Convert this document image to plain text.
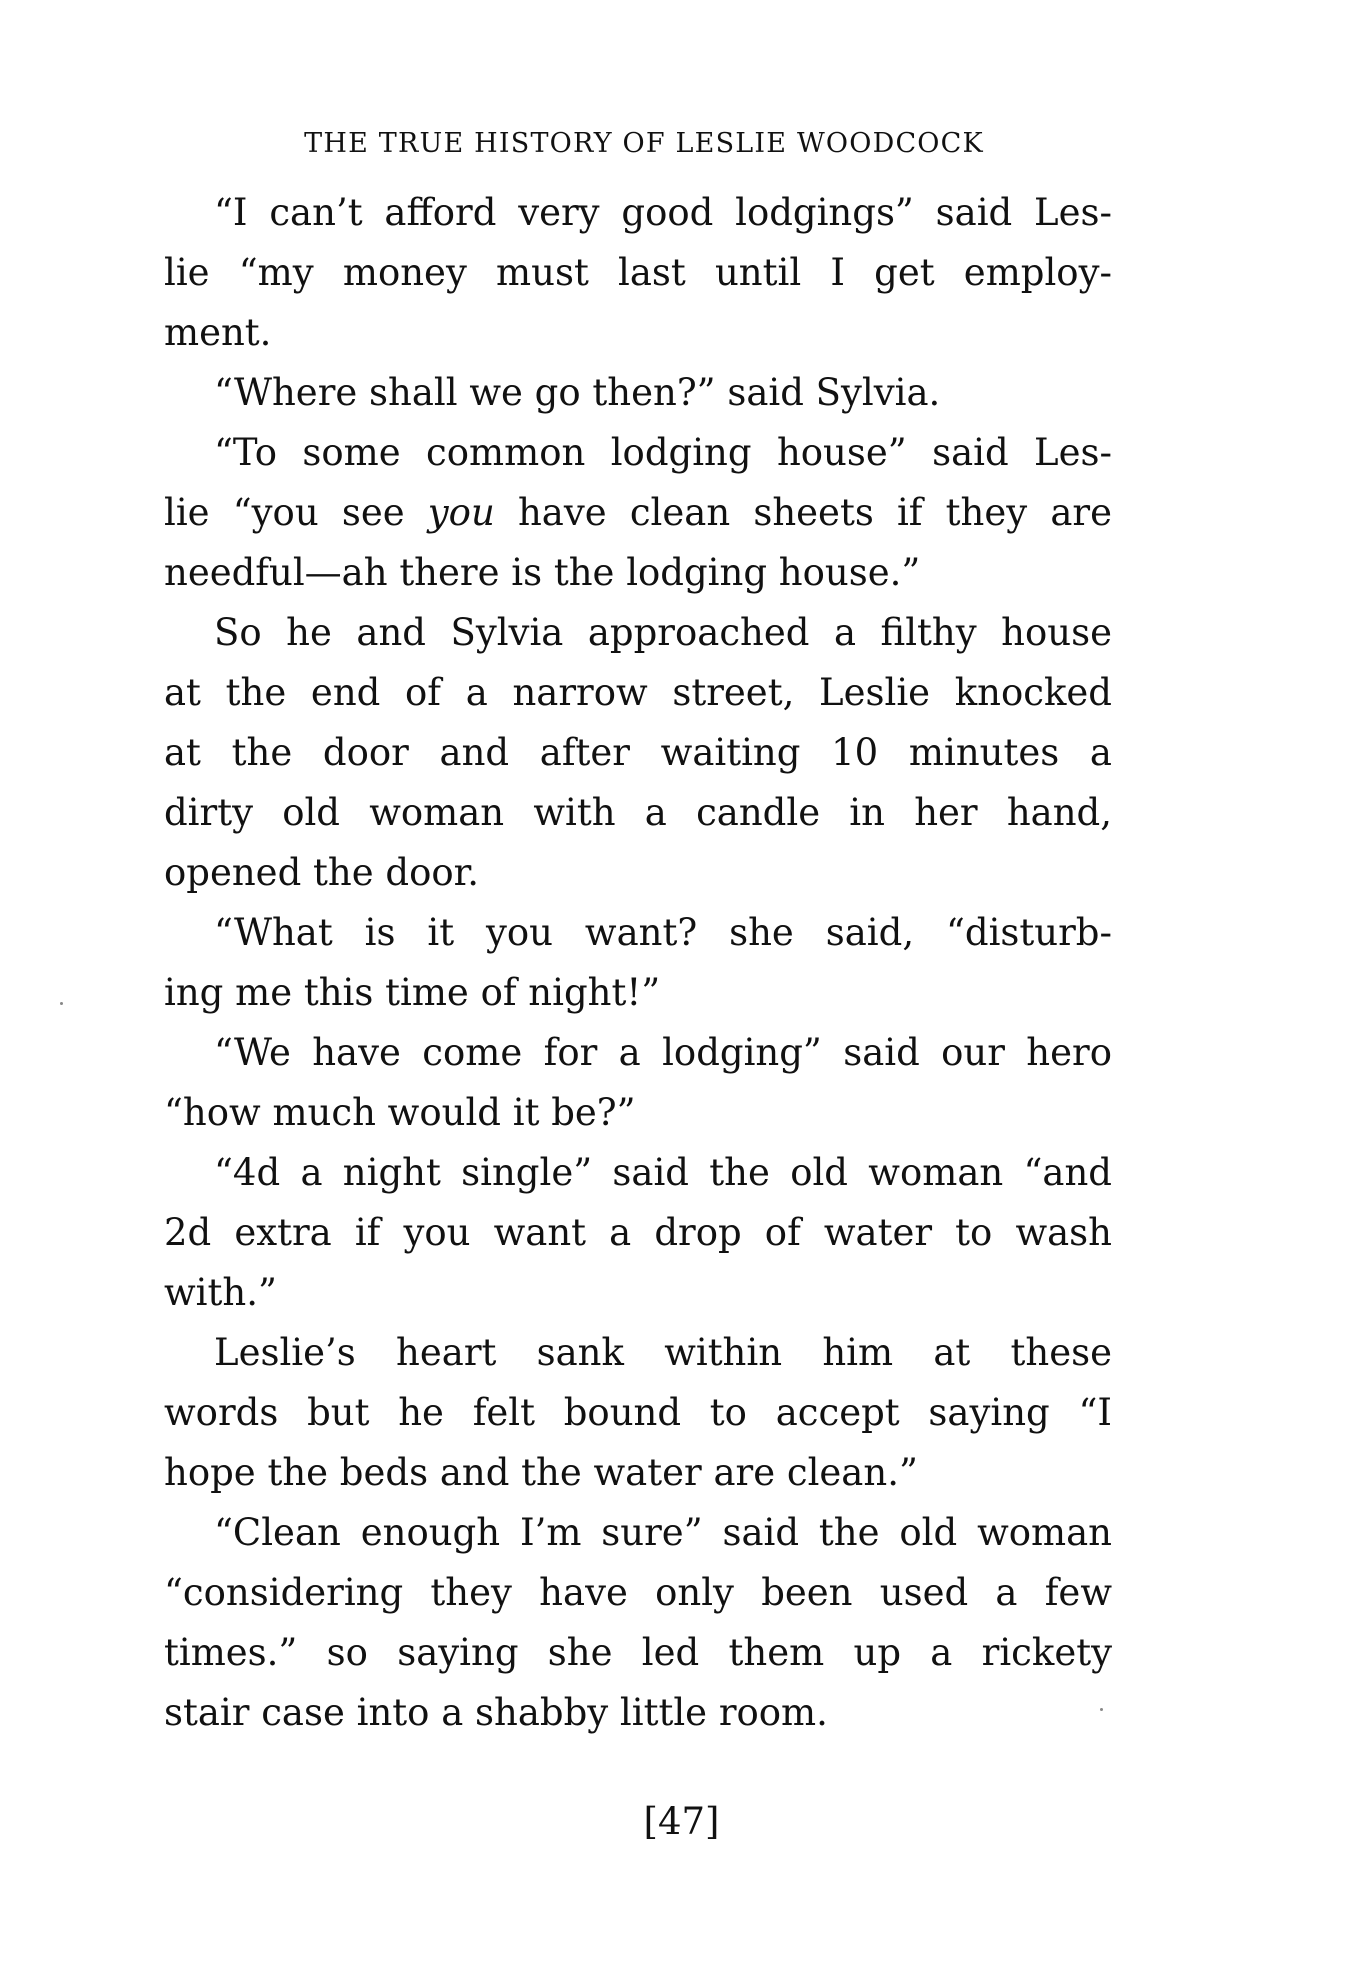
THE TRUE HISTORY OF LESLIE WOODCOCK
“I can’t afford very good lodgings” said Les-
lie “my money must last until I get employ-
ment.
“Where shall we go then?” said Sylvia.
“To some common lodging house” said Les-
lie “you see you have clean sheets if they are
needful—ah there is the lodging house.”
So he and Sylvia approached a filthy house
at the end of a narrow street, Leslie knocked
at the door and after waiting 10 minutes a
dirty old woman with a candle in her hand,
opened the door.
“What is it you want? she said, “disturb-
ing me this time of night!”
“We have come for a lodging” said our hero
“how much would it be?”
“4d a night single” said the old woman “and
2d extra if you want a drop of water to wash
with.”
Leslie’s heart sank within him at these
words but he felt bound to accept saying “I
hope the beds and the water are clean.”
“Clean enough I’m sure” said the old woman
“considering they have only been used a few
times.” so saying she led them up a rickety
stair case into a shabby little room.
[47]
